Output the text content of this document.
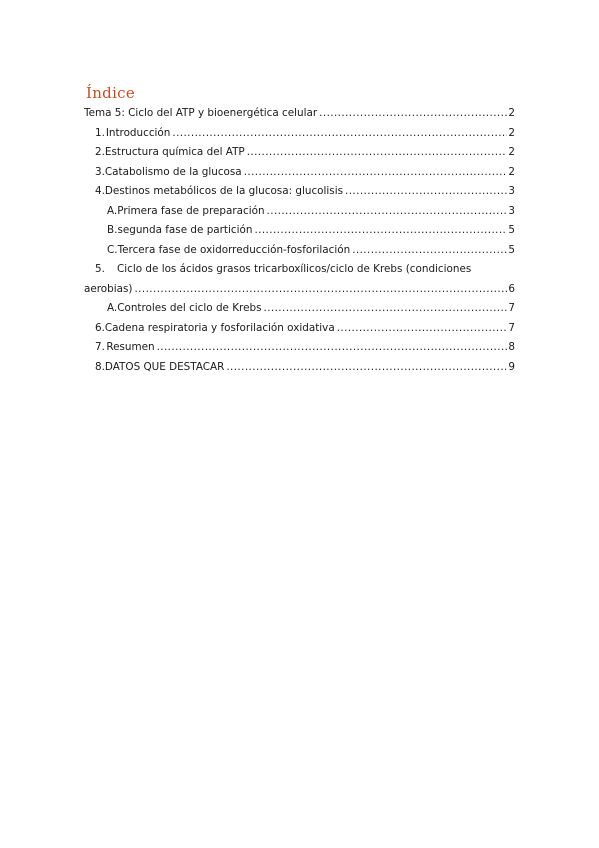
Índice
Tema 5: Ciclo del ATP y bioenergética celular .....	2
1. Introducción .....	2
2. Estructura química del ATP .....	2
3. Catabolismo de la glucosa .....	2
4. Destinos metabólicos de la glucosa: glucolisis .....	3
A. Primera fase de preparación .....	3
B. segunda fase de partición .....	5
C. Tercera fase de oxidorreducción-fosforilación .....	5
5. Ciclo de los ácidos grasos tricarboxílicos/ciclo de Krebs (condiciones
aerobias) .....	6
A. Controles del ciclo de Krebs .....	7
6. Cadena respiratoria y fosforilación oxidativa .....	7
7. Resumen .....	8
8. DATOS QUE DESTACAR .....	9
